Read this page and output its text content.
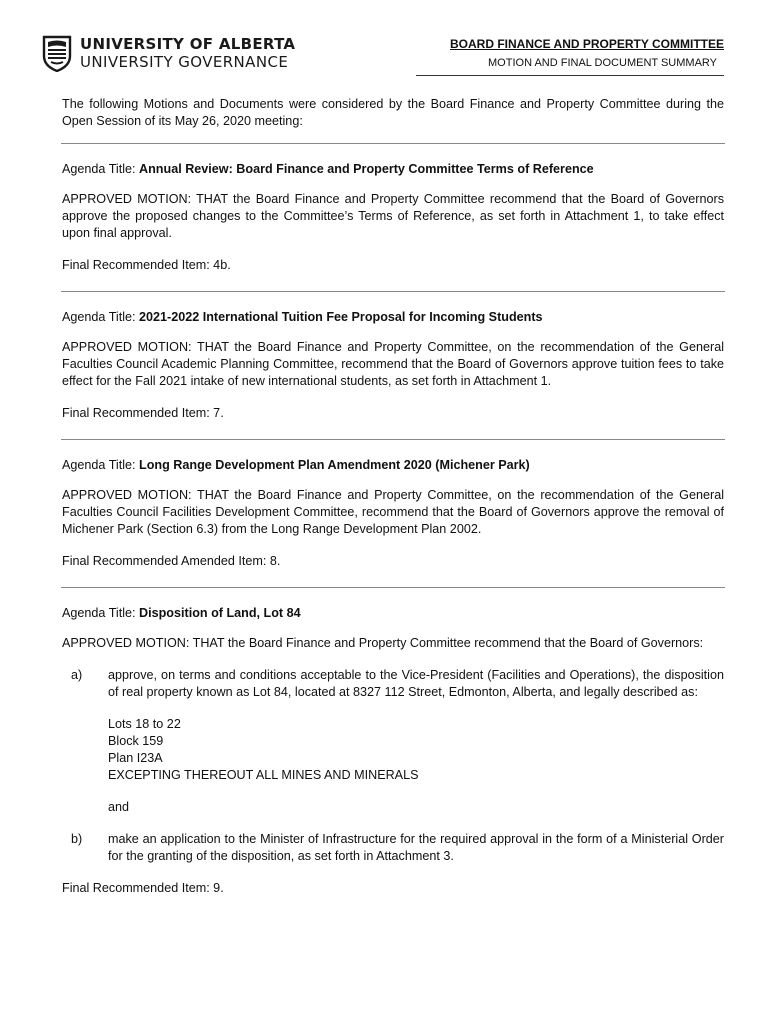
UNIVERSITY OF ALBERTA
UNIVERSITY GOVERNANCE
BOARD FINANCE AND PROPERTY COMMITTEE
MOTION AND FINAL DOCUMENT SUMMARY

The following Motions and Documents were considered by the Board Finance and Property Committee during the Open Session of its May 26, 2020 meeting:

Agenda Title: Annual Review: Board Finance and Property Committee Terms of Reference

APPROVED MOTION: THAT the Board Finance and Property Committee recommend that the Board of Governors approve the proposed changes to the Committee’s Terms of Reference, as set forth in Attachment 1, to take effect upon final approval.

Final Recommended Item: 4b.

Agenda Title: 2021-2022 International Tuition Fee Proposal for Incoming Students

APPROVED MOTION: THAT the Board Finance and Property Committee, on the recommendation of the General Faculties Council Academic Planning Committee, recommend that the Board of Governors approve tuition fees to take effect for the Fall 2021 intake of new international students, as set forth in Attachment 1.

Final Recommended Item: 7.

Agenda Title: Long Range Development Plan Amendment 2020 (Michener Park)

APPROVED MOTION: THAT the Board Finance and Property Committee, on the recommendation of the General Faculties Council Facilities Development Committee, recommend that the Board of Governors approve the removal of Michener Park (Section 6.3) from the Long Range Development Plan 2002.

Final Recommended Amended Item: 8.

Agenda Title: Disposition of Land, Lot 84

APPROVED MOTION: THAT the Board Finance and Property Committee recommend that the Board of Governors:

a) approve, on terms and conditions acceptable to the Vice-President (Facilities and Operations), the disposition of real property known as Lot 84, located at 8327 112 Street, Edmonton, Alberta, and legally described as:

Lots 18 to 22
Block 159
Plan I23A
EXCEPTING THEREOUT ALL MINES AND MINERALS

and

b) make an application to the Minister of Infrastructure for the required approval in the form of a Ministerial Order for the granting of the disposition, as set forth in Attachment 3.

Final Recommended Item: 9.
